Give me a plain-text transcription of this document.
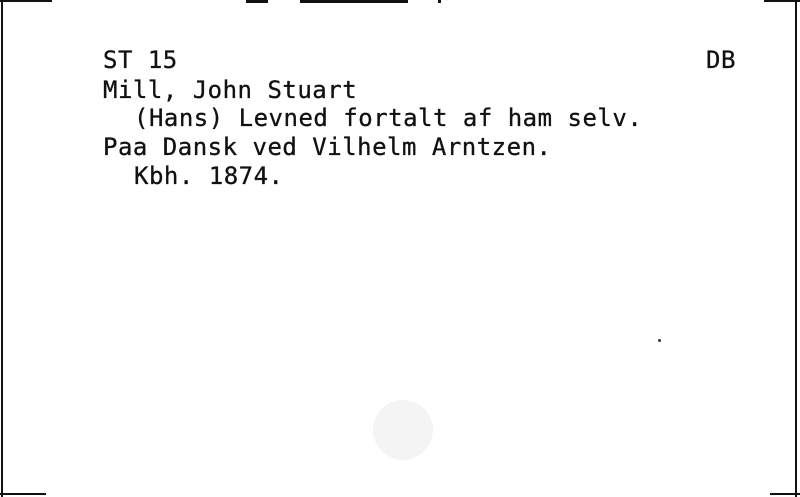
ST 15	DB
Mill, John Stuart
(Hans) Levned fortalt af ham selv.
Paa Dansk ved Vilhelm Arntzen.
Kbh. 1874.
